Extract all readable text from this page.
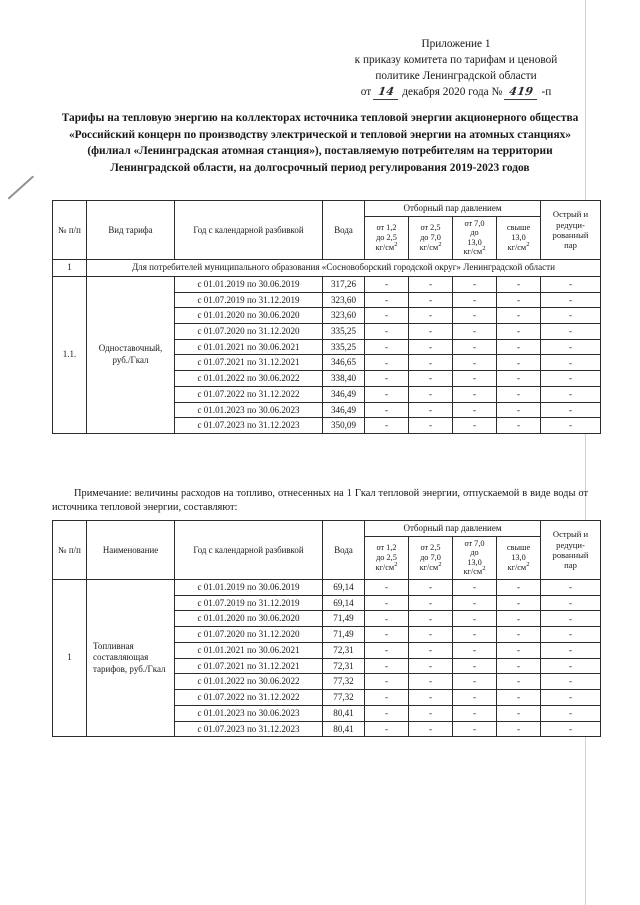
Приложение 1
к приказу комитета по тарифам и ценовой
политике Ленинградской области
от 14 декабря 2020 года № 419 -п
Тарифы на тепловую энергию на коллекторах источника тепловой энергии акционерного общества «Российский концерн по производству электрической и тепловой энергии на атомных станциях» (филиал «Ленинградская атомная станция»), поставляемую потребителям на территории Ленинградской области, на долгосрочный период регулирования 2019-2023 годов
№ п/п	Вид тарифа	Год с календарной разбивкой	Вода	Отборный пар давлением				Острый и
редуци-
рованный
пар
				от 1,2
до 2,5
$кг/см^2$	от 2,5
до 7,0
$кг/см^2$	от 7,0
до
13,0
$кг/см^2$	свыше
13,0
$кг/см^2$
1	Для потребителей муниципального образования «Сосновоборский городской округ» Ленинградской области							
1.1.	Одноставочный, руб./Гкал	с 01.01.2019 по 30.06.2019	317,26	-	-	-	-	-
		с 01.07.2019 по 31.12.2019	323,60	-	-	-	-	-
		с 01.01.2020 по 30.06.2020	323,60	-	-	-	-	-
		с 01.07.2020 по 31.12.2020	335,25	-	-	-	-	-
		с 01.01.2021 по 30.06.2021	335,25	-	-	-	-	-
		с 01.07.2021 по 31.12.2021	346,65	-	-	-	-	-
		с 01.01.2022 по 30.06.2022	338,40	-	-	-	-	-
		с 01.07.2022 по 31.12.2022	346,49	-	-	-	-	-
		с 01.01.2023 по 30.06.2023	346,49	-	-	-	-	-
		с 01.07.2023 по 31.12.2023	350,09	-	-	-	-	-
Примечание: величины расходов на топливо, отнесенных на 1 Гкал тепловой энергии, отпускаемой в виде воды от источника тепловой энергии, составляют:
№ п/п	Наименование	Год с календарной разбивкой	Вода	Отборный пар давлением				Острый и
редуци-
рованный
пар
				от 1,2
до 2,5
$кг/см^2$	от 2,5
до 7,0
$кг/см^2$	от 7,0
до
13,0
$кг/см^2$	свыше
13,0
$кг/см^2$
1	Топливная составляющая тарифов, руб./Гкал	с 01.01.2019 по 30.06.2019	69,14	-	-	-	-	-
		с 01.07.2019 по 31.12.2019	69,14	-	-	-	-	-
		с 01.01.2020 по 30.06.2020	71,49	-	-	-	-	-
		с 01.07.2020 по 31.12.2020	71,49	-	-	-	-	-
		с 01.01.2021 по 30.06.2021	72,31	-	-	-	-	-
		с 01.07.2021 по 31.12.2021	72,31	-	-	-	-	-
		с 01.01.2022 по 30.06.2022	77,32	-	-	-	-	-
		с 01.07.2022 по 31.12.2022	77,32	-	-	-	-	-
		с 01.01.2023 по 30.06.2023	80,41	-	-	-	-	-
		с 01.07.2023 по 31.12.2023	80,41	-	-	-	-	-
